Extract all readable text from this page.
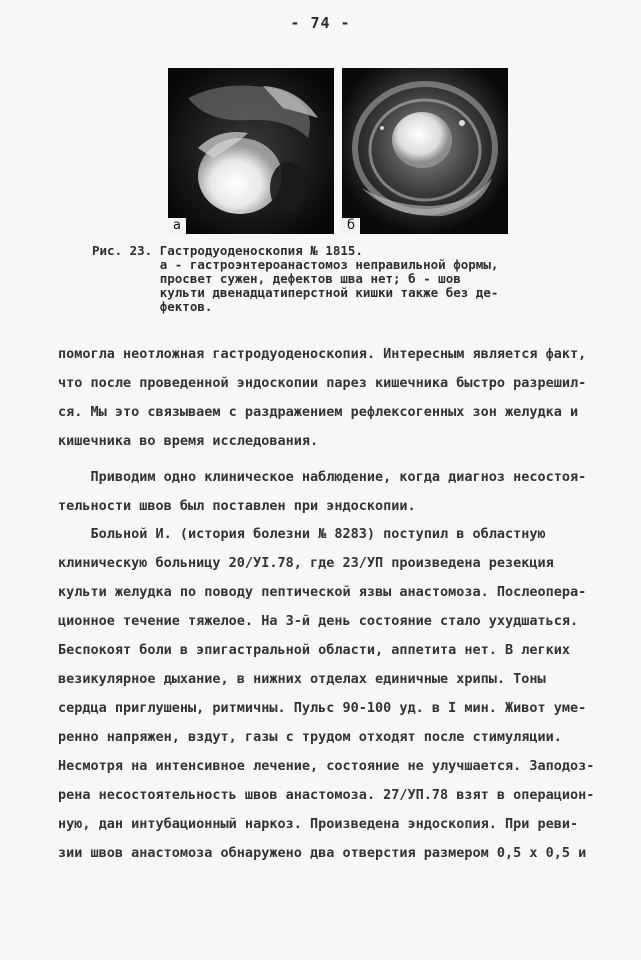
- 74 -
а	б
Рис. 23. Гастродуоденоскопия № 1815.
а - гастроэнтероанастомоз неправильной формы,
просвет сужен, дефектов шва нет; б - шов
культи двенадцатиперстной кишки также без де-
фектов.
помогла неотложная гастродуоденоскопия. Интересным является факт,
что после проведенной эндоскопии парез кишечника быстро разрешил-
ся. Мы это связываем с раздражением рефлексогенных зон желудка и
кишечника во время исследования.
Приводим одно клиническое наблюдение, когда диагноз несостоя-
тельности швов был поставлен при эндоскопии.
Больной И. (история болезни № 8283) поступил в областную
клиническую больницу 20/УI.78, где 23/УП произведена резекция
культи желудка по поводу пептической язвы анастомоза. Послеопера-
ционное течение тяжелое. На 3-й день состояние стало ухудшаться.
Беспокоят боли в эпигастральной области, аппетита нет. В легких
везикулярное дыхание, в нижних отделах единичные хрипы. Тоны
сердца приглушены, ритмичны. Пульс 90-100 уд. в I мин. Живот уме-
ренно напряжен, вздут, газы с трудом отходят после стимуляции.
Несмотря на интенсивное лечение, состояние не улучшается. Заподоз-
рена несостоятельность швов анастомоза. 27/УП.78 взят в операцион-
ную, дан интубационный наркоз. Произведена эндоскопия. При реви-
зии швов анастомоза обнаружено два отверстия размером 0,5 х 0,5 и
